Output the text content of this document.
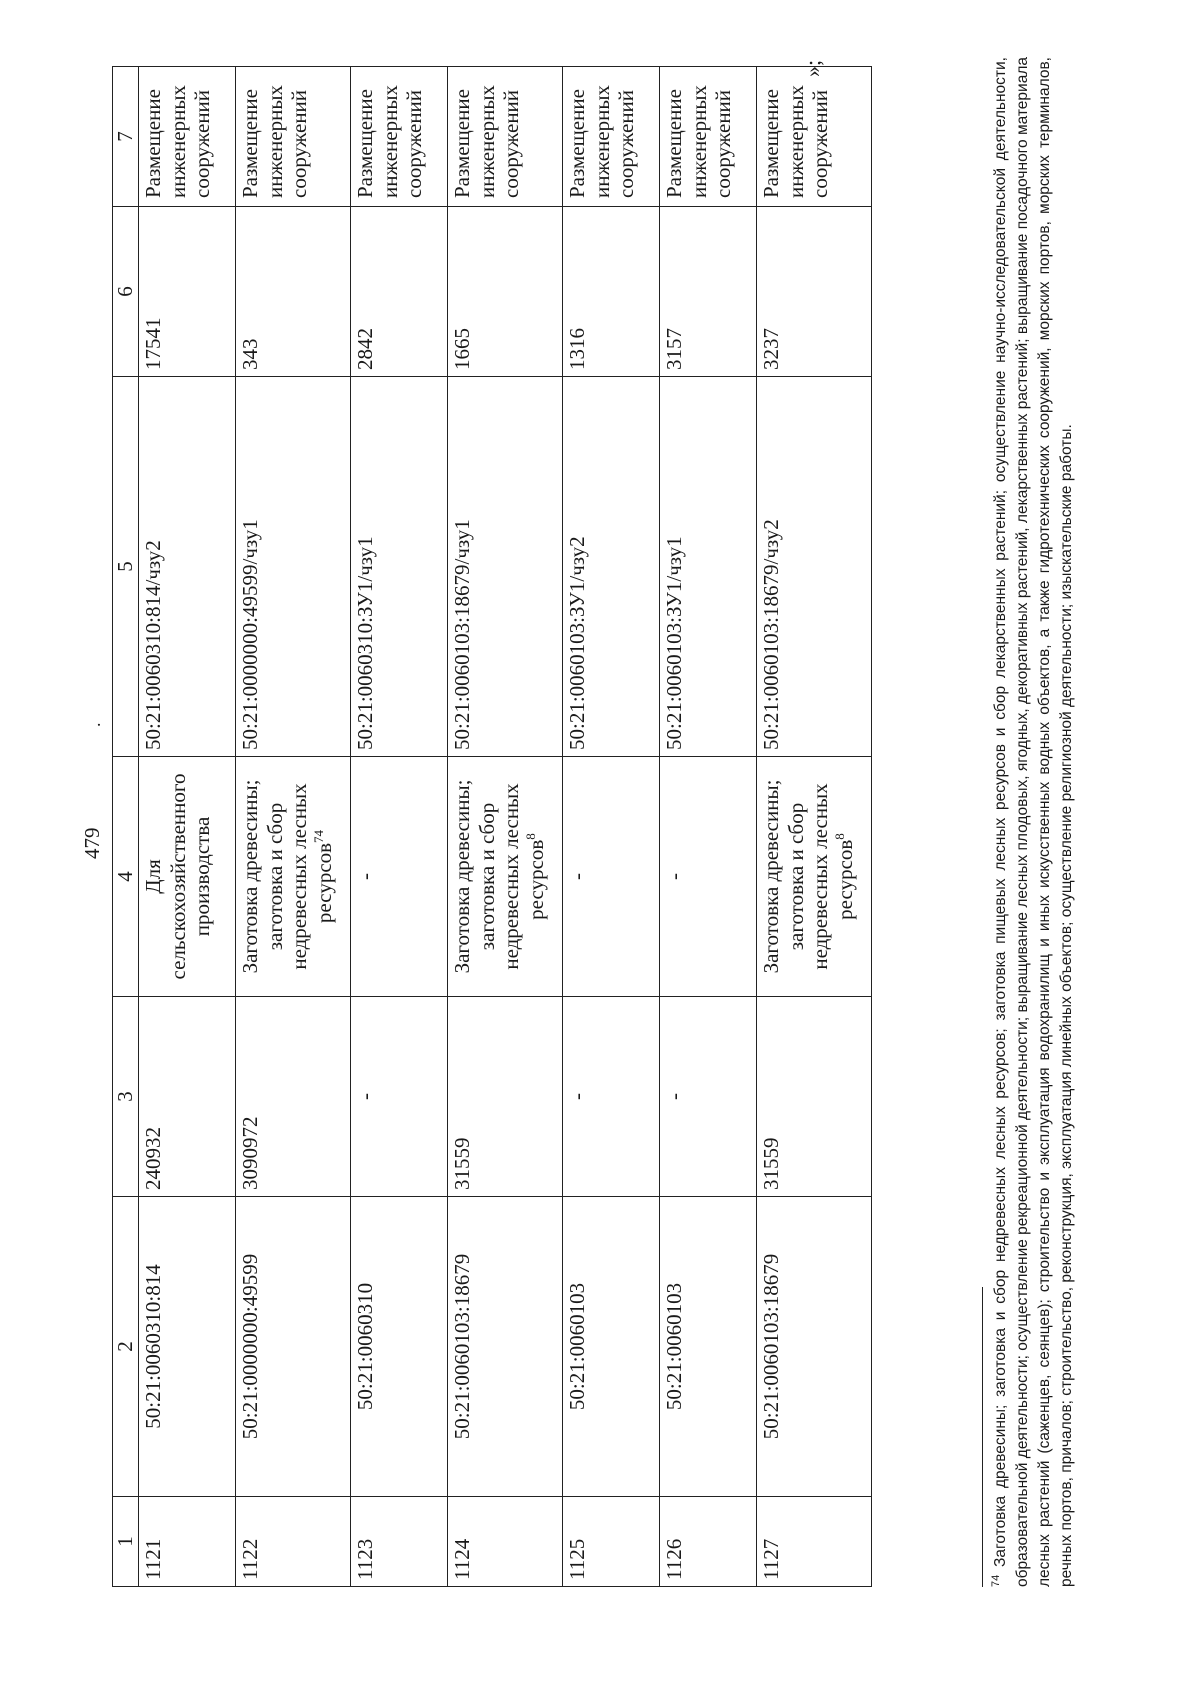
479
.
1	2	3	4	5	6	7
1121	50:21:0060310:814	240932	Для сельскохозяйственного производства	50:21:0060310:814/чзу2	17541	Размещение инженерных сооружений
1122	50:21:0000000:49599	3090972	Заготовка древесины; заготовка и сбор недревесных лесных ресурсов$^{74}$	50:21:0000000:49599/чзу1	343	Размещение инженерных сооружений
1123	50:21:0060310	-	-	50:21:0060310:ЗУ1/чзу1	2842	Размещение инженерных сооружений
1124	50:21:0060103:18679	31559	Заготовка древесины; заготовка и сбор недревесных лесных ресурсов$^8$	50:21:0060103:18679/чзу1	1665	Размещение инженерных сооружений
1125	50:21:0060103	-	-	50:21:0060103:ЗУ1/чзу2	1316	Размещение инженерных сооружений
1126	50:21:0060103	-	-	50:21:0060103:ЗУ1/чзу1	3157	Размещение инженерных сооружений
1127	50:21:0060103:18679	31559	Заготовка древесины; заготовка и сбор недревесных лесных ресурсов$^8$	50:21:0060103:18679/чзу2	3237	Размещение инженерных сооружений
»;
$^{74}$ Заготовка древесины; заготовка и сбор недревесных лесных ресурсов; заготовка пищевых лесных ресурсов и сбор лекарственных растений; осуществление научно-исследовательской деятельности, образовательной деятельности; осуществление рекреационной деятельности; выращивание лесных плодовых, ягодных, декоративных растений, лекарственных растений; выращивание посадочного материала лесных растений (саженцев, сеянцев); строительство и эксплуатация водохранилищ и иных искусственных водных объектов, а также гидротехнических сооружений, морских портов, морских терминалов, речных портов, причалов; строительство, реконструкция, эксплуатация линейных объектов; осуществление религиозной деятельности; изыскательские работы.
